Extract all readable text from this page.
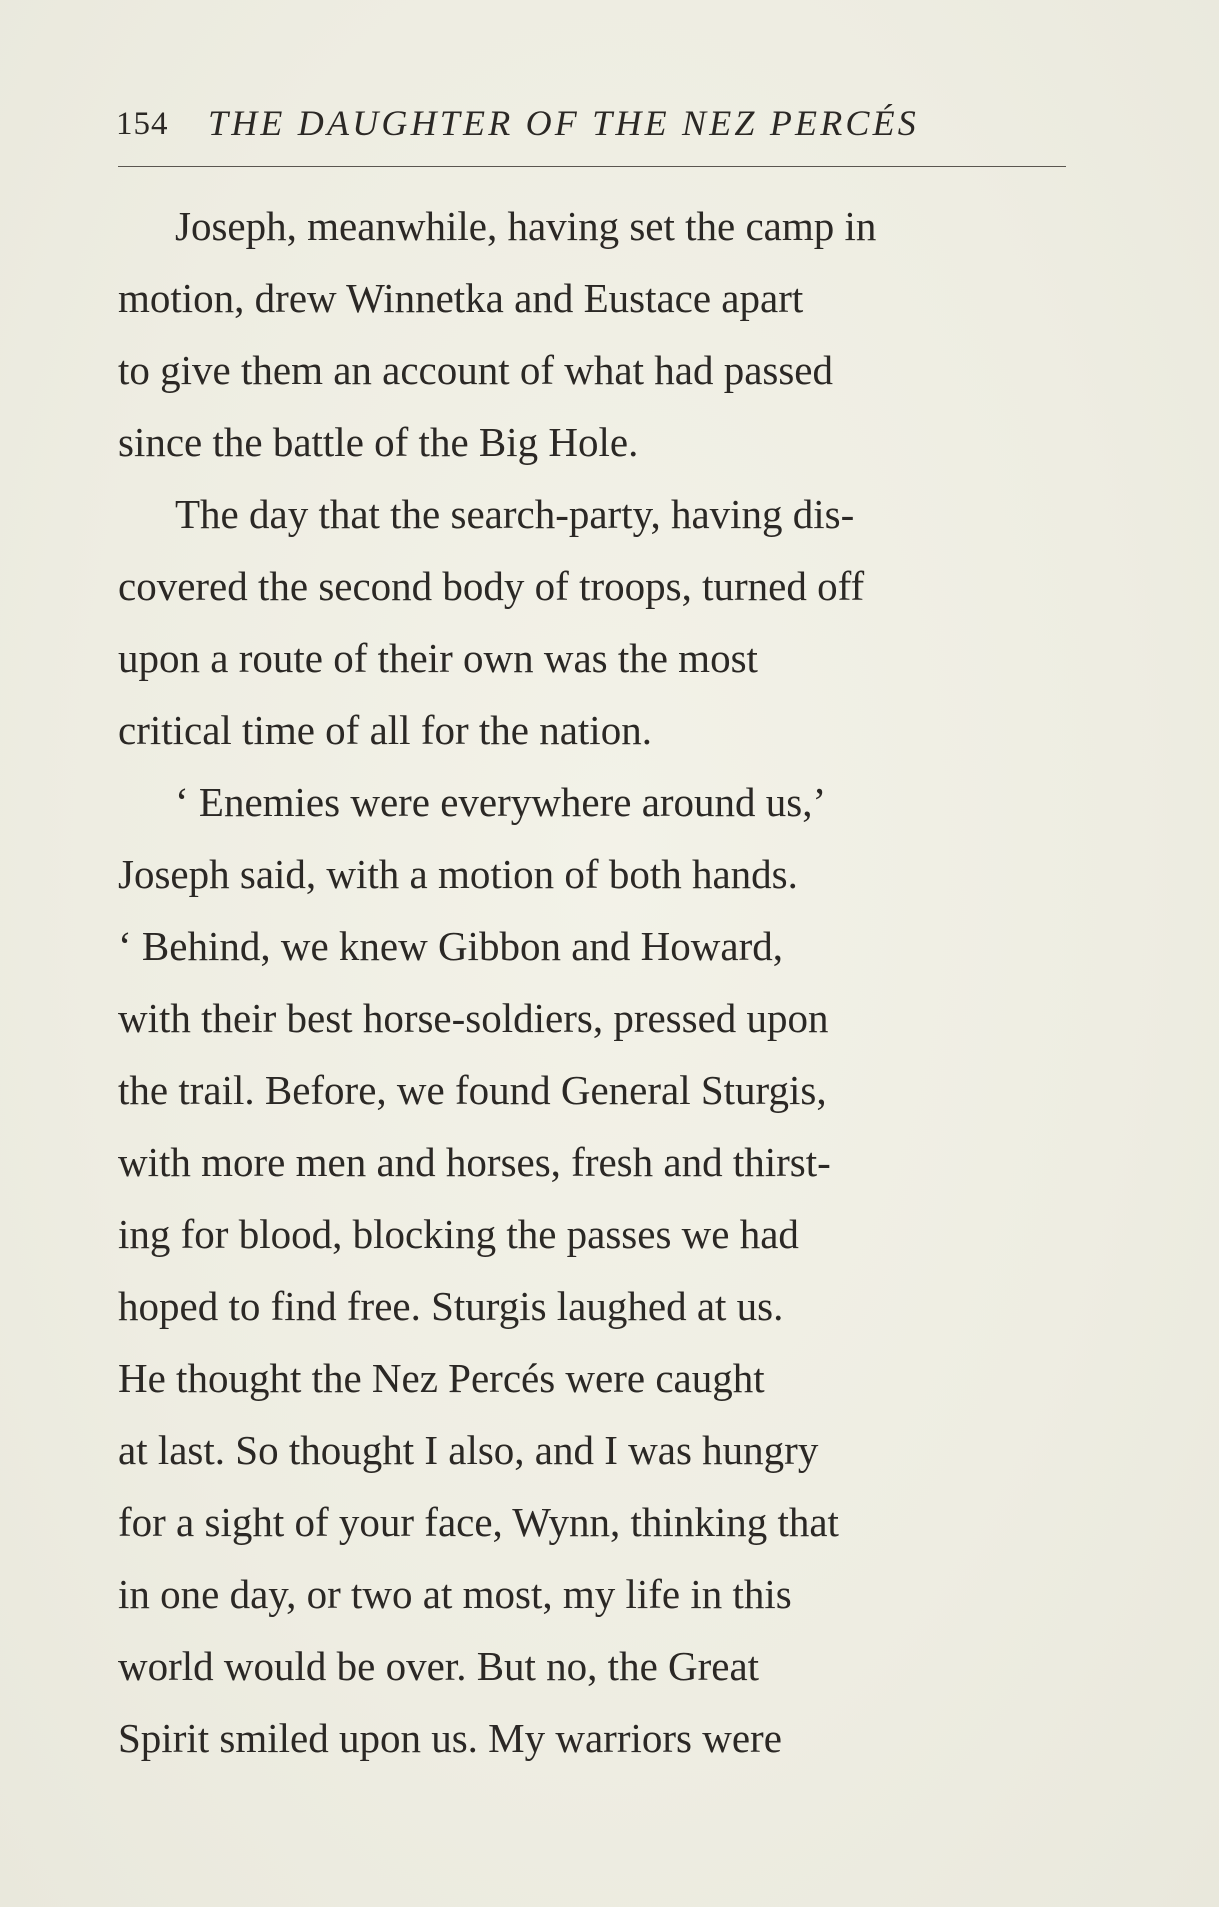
154 THE DAUGHTER OF THE NEZ PERCÉS
Joseph, meanwhile, having set the camp in
motion, drew Winnetka and Eustace apart
to give them an account of what had passed
since the battle of the Big Hole.
The day that the search-party, having dis-
covered the second body of troops, turned off
upon a route of their own was the most
critical time of all for the nation.
‘ Enemies were everywhere around us,’
Joseph said, with a motion of both hands.
‘ Behind, we knew Gibbon and Howard,
with their best horse-soldiers, pressed upon
the trail. Before, we found General Sturgis,
with more men and horses, fresh and thirst-
ing for blood, blocking the passes we had
hoped to find free. Sturgis laughed at us.
He thought the Nez Percés were caught
at last. So thought I also, and I was hungry
for a sight of your face, Wynn, thinking that
in one day, or two at most, my life in this
world would be over. But no, the Great
Spirit smiled upon us. My warriors were
